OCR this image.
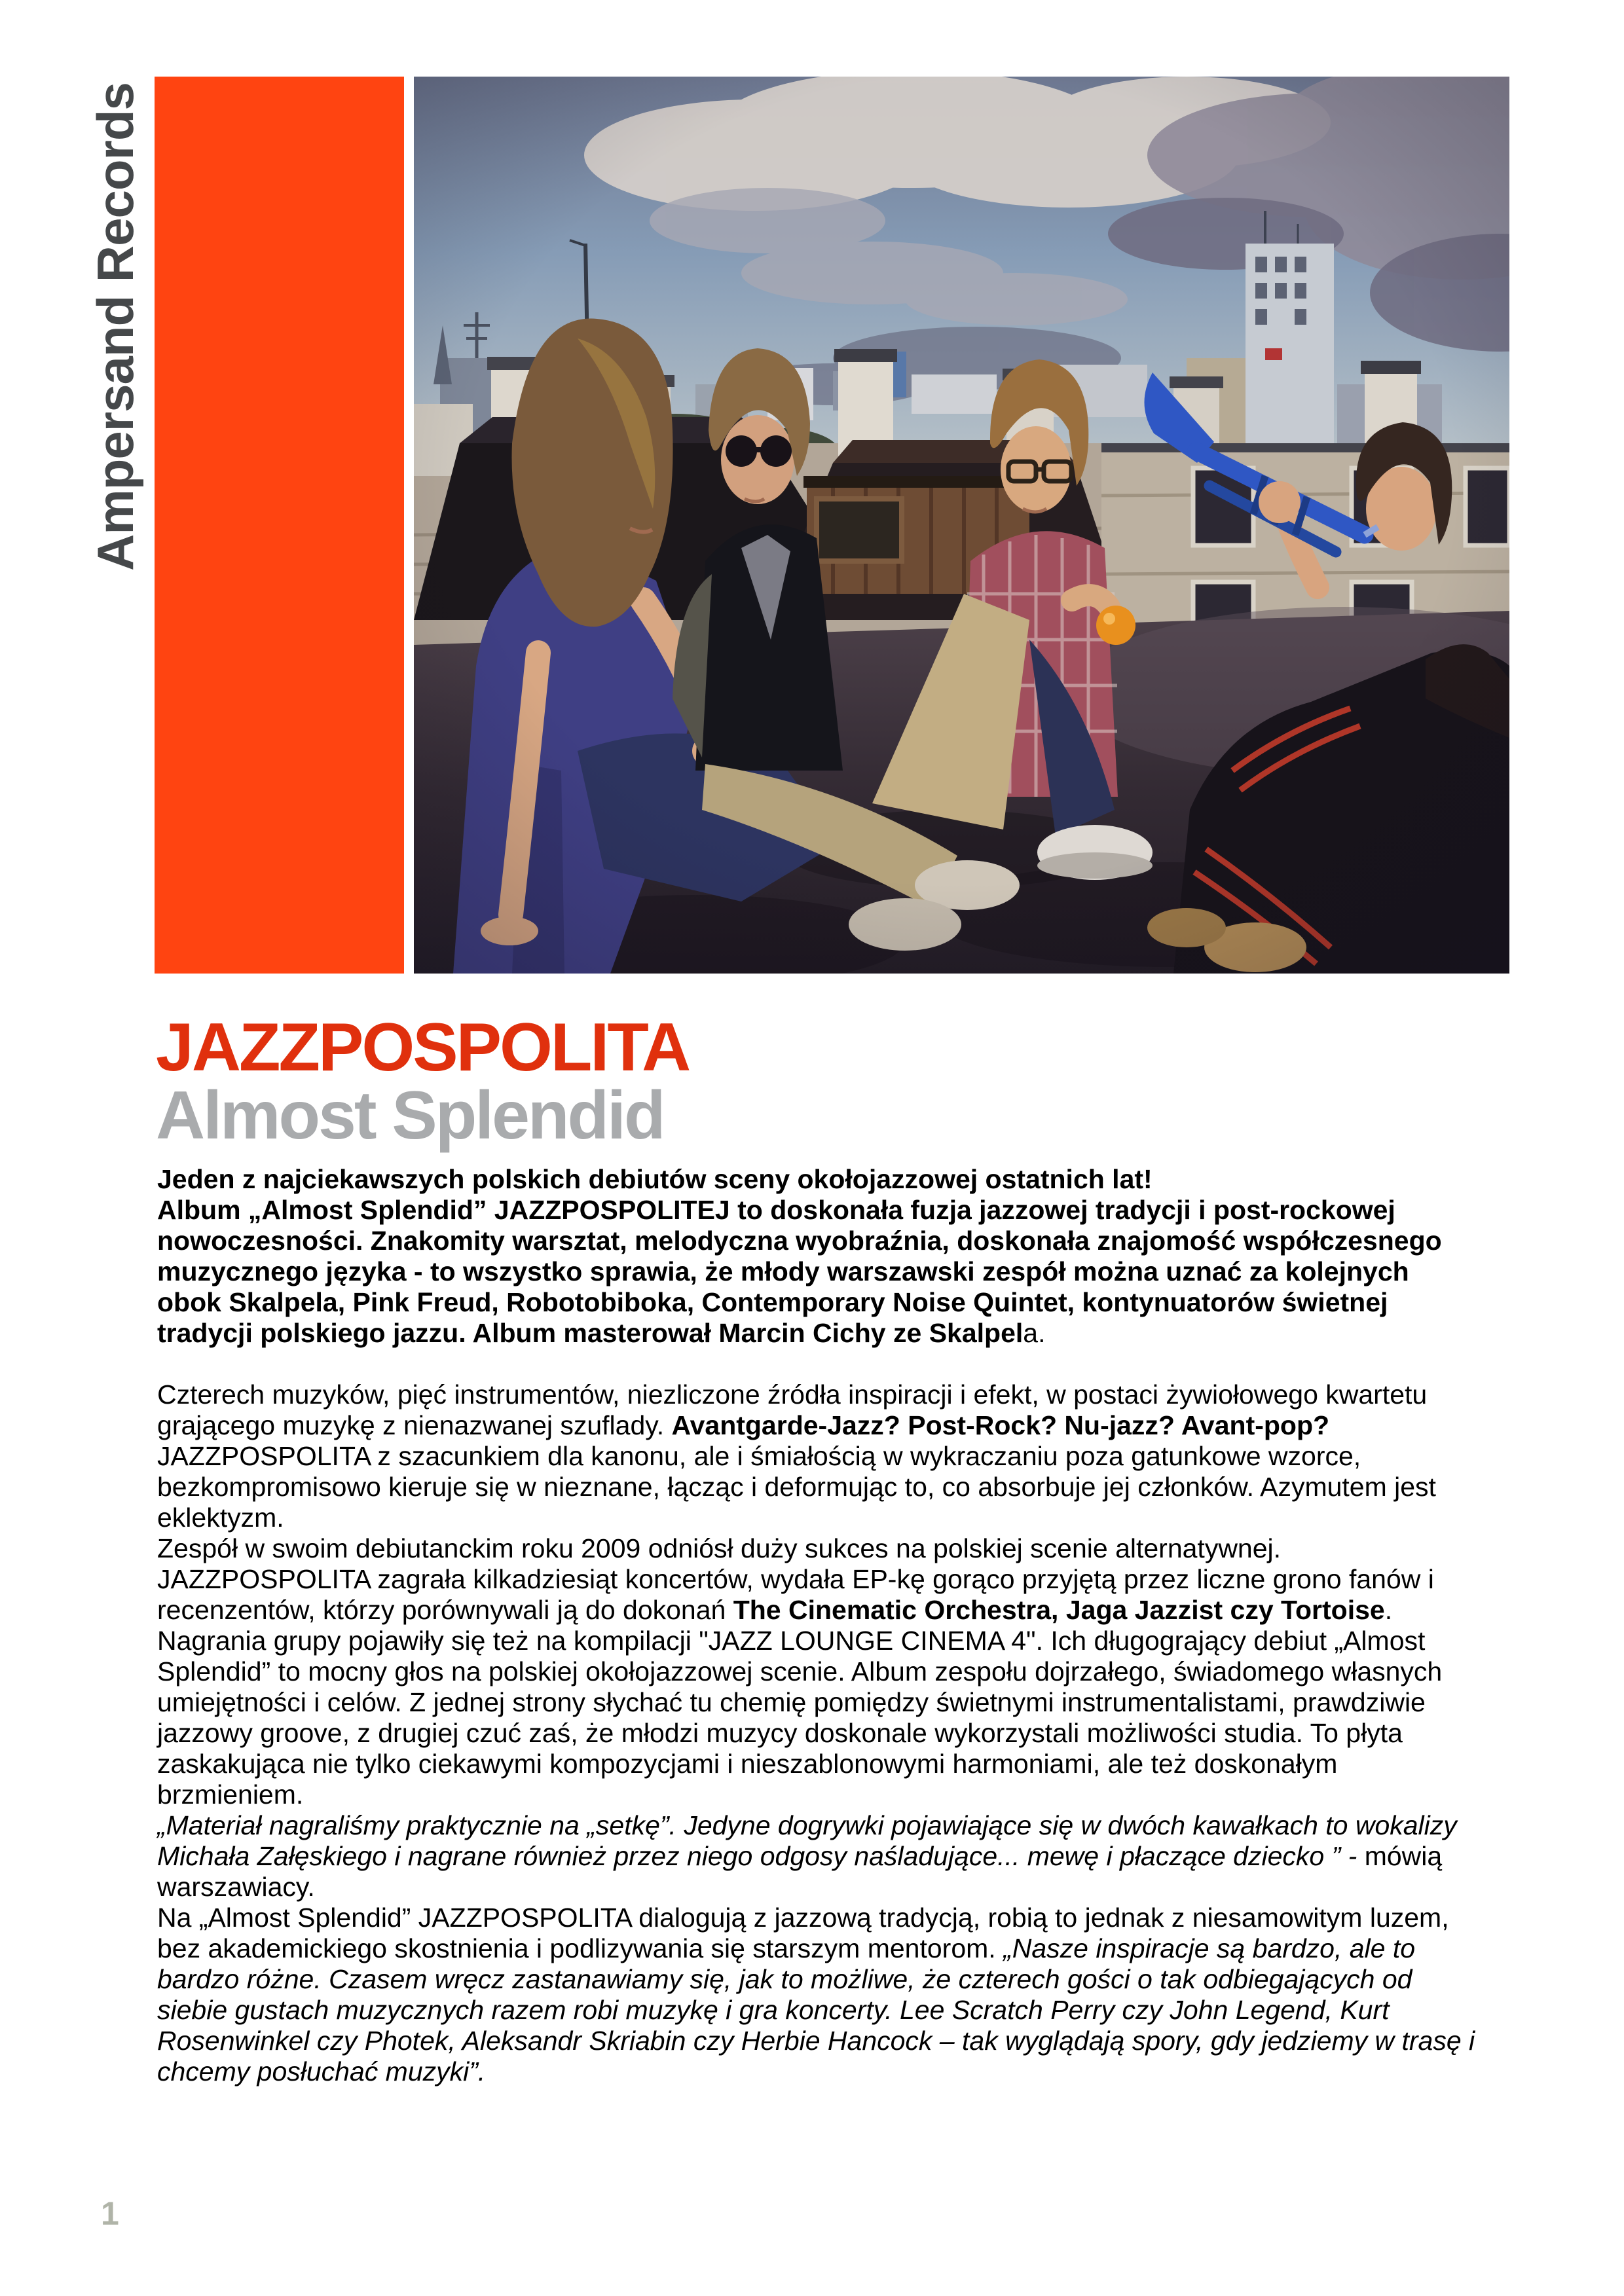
Ampersand Records
JAZZPOSPOLITA
Almost Splendid

Jeden z najciekawszych polskich debiutów sceny okołojazzowej ostatnich lat!
Album „Almost Splendid” JAZZPOSPOLITEJ to doskonała fuzja jazzowej tradycji i post-rockowej nowoczesności. Znakomity warsztat, melodyczna wyobraźnia, doskonała znajomość współczesnego muzycznego języka - to wszystko sprawia, że młody warszawski zespół można uznać za kolejnych obok Skalpela, Pink Freud, Robotobiboka, Contemporary Noise Quintet, kontynuatorów świetnej tradycji polskiego jazzu. Album masterował Marcin Cichy ze Skalpela.

Czterech muzyków, pięć instrumentów, niezliczone źródła inspiracji i efekt, w postaci żywiołowego kwartetu grającego muzykę z nienazwanej szuflady. Avantgarde-Jazz? Post-Rock? Nu-jazz? Avant-pop? JAZZPOSPOLITA z szacunkiem dla kanonu, ale i śmiałością w wykraczaniu poza gatunkowe wzorce, bezkompromisowo kieruje się w nieznane, łącząc i deformując to, co absorbuje jej członków. Azymutem jest eklektyzm.
Zespół w swoim debiutanckim roku 2009 odniósł duży sukces na polskiej scenie alternatywnej. JAZZPOSPOLITA zagrała kilkadziesiąt koncertów, wydała EP-kę gorąco przyjętą przez liczne grono fanów i recenzentów, którzy porównywali ją do dokonań The Cinematic Orchestra, Jaga Jazzist czy Tortoise. Nagrania grupy pojawiły się też na kompilacji "JAZZ LOUNGE CINEMA 4". Ich długogrający debiut „Almost Splendid” to mocny głos na polskiej okołojazzowej scenie. Album zespołu dojrzałego, świadomego własnych umiejętności i celów. Z jednej strony słychać tu chemię pomiędzy świetnymi instrumentalistami, prawdziwie jazzowy groove, z drugiej czuć zaś, że młodzi muzycy doskonale wykorzystali możliwości studia. To płyta zaskakująca nie tylko ciekawymi kompozycjami i nieszablonowymi harmoniami, ale też doskonałym brzmieniem.
„Materiał nagraliśmy praktycznie na „setkę”. Jedyne dogrywki pojawiające się w dwóch kawałkach to wokalizy Michała Załęskiego i nagrane również przez niego odgosy naśladujące... mewę i płaczące dziecko ” - mówią warszawiacy.
Na „Almost Splendid” JAZZPOSPOLITA dialogują z jazzową tradycją, robią to jednak z niesamowitym luzem, bez akademickiego skostnienia i podlizywania się starszym mentorom. „Nasze inspiracje są bardzo, ale to bardzo różne. Czasem wręcz zastanawiamy się, jak to możliwe, że czterech gości o tak odbiegających od siebie gustach muzycznych razem robi muzykę i gra koncerty. Lee Scratch Perry czy John Legend, Kurt Rosenwinkel czy Photek, Aleksandr Skriabin czy Herbie Hancock – tak wyglądają spory, gdy jedziemy w trasę i chcemy posłuchać muzyki”.

1
